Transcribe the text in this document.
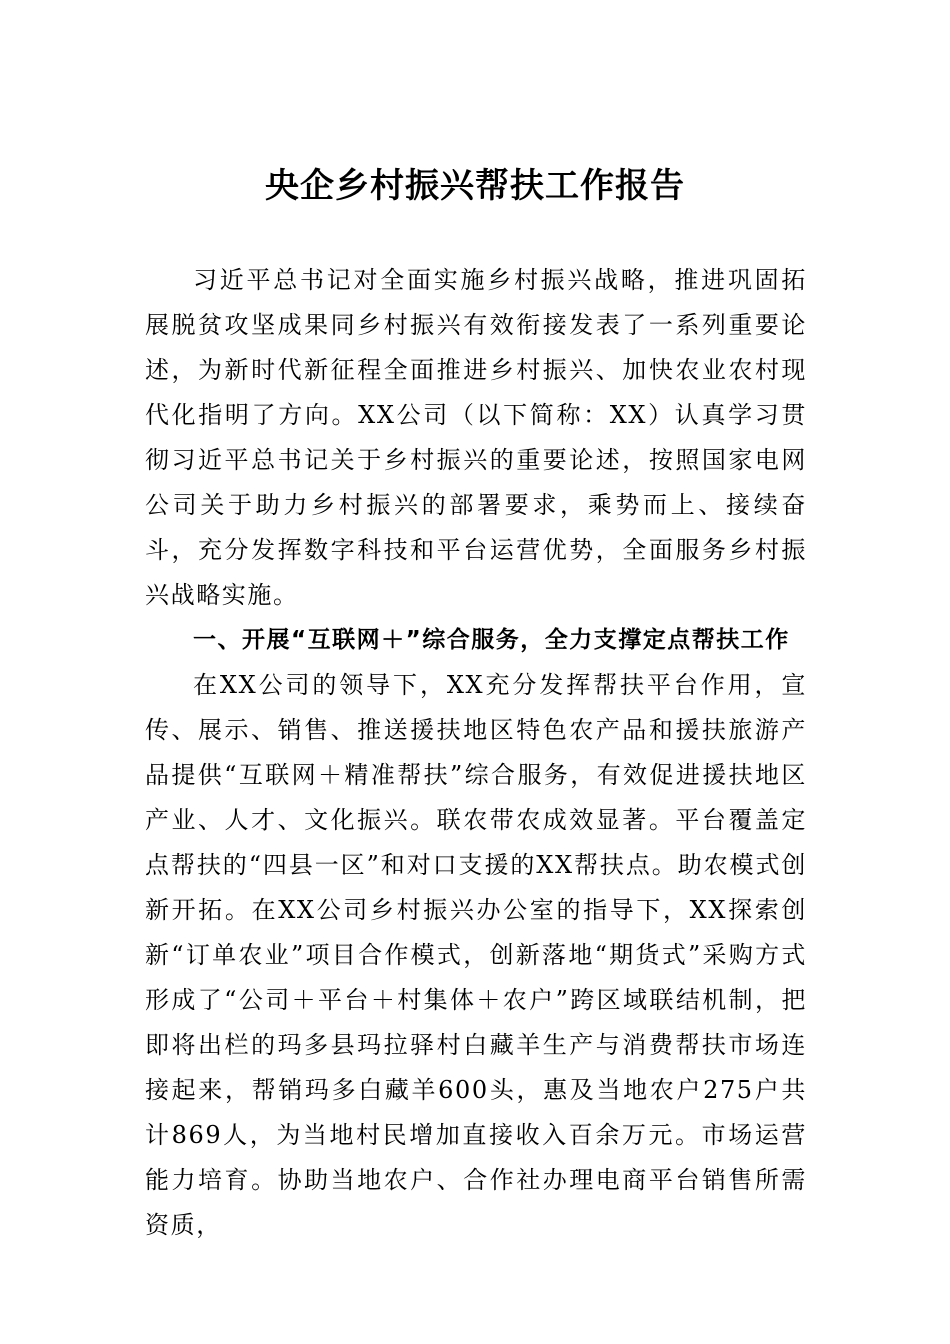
央企乡村振兴帮扶工作报告

习近平总书记对全面实施乡村振兴战略，推进巩固拓展脱贫攻坚成果同乡村振兴有效衔接发表了一系列重要论述，为新时代新征程全面推进乡村振兴、加快农业农村现代化指明了方向。XX公司（以下简称：XX）认真学习贯彻习近平总书记关于乡村振兴的重要论述，按照国家电网公司关于助力乡村振兴的部署要求，乘势而上、接续奋斗，充分发挥数字科技和平台运营优势，全面服务乡村振兴战略实施。

一、开展“互联网＋”综合服务，全力支撑定点帮扶工作

在XX公司的领导下，XX充分发挥帮扶平台作用，宣传、展示、销售、推送援扶地区特色农产品和援扶旅游产品提供“互联网＋精准帮扶”综合服务，有效促进援扶地区产业、人才、文化振兴。联农带农成效显著。平台覆盖定点帮扶的“四县一区”和对口支援的XX帮扶点。助农模式创新开拓。在XX公司乡村振兴办公室的指导下，XX探索创新“订单农业”项目合作模式，创新落地“期货式”采购方式形成了“公司＋平台＋村集体＋农户”跨区域联结机制，把即将出栏的玛多县玛拉驿村白藏羊生产与消费帮扶市场连接起来，帮销玛多白藏羊600头，惠及当地农户275户共计869人，为当地村民增加直接收入百余万元。市场运营能力培育。协助当地农户、合作社办理电商平台销售所需资质，
